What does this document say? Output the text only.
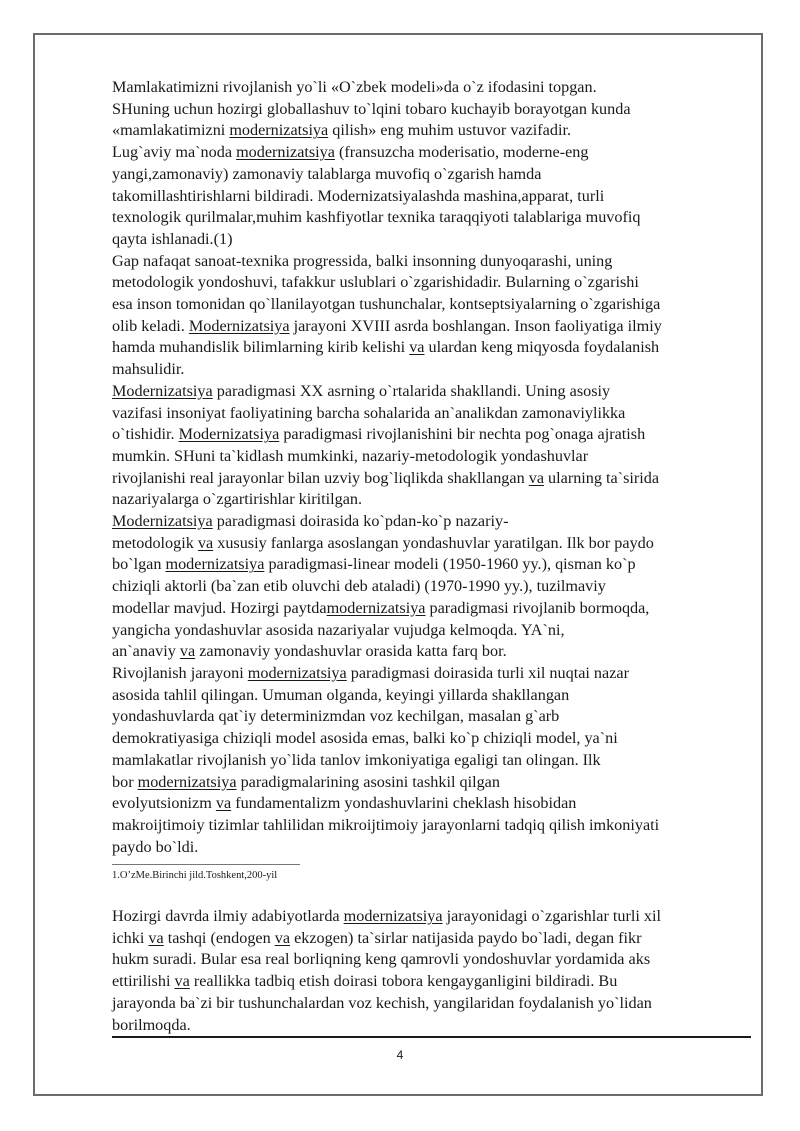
Mamlakatimizni rivojlanish yo`li «O`zbek modeli»da o`z ifodasini topgan.

SHuning uchun hozirgi globallashuv to`lqini tobaro kuchayib borayotgan kunda

«mamlakatimizni modernizatsiya qilish» eng muhim ustuvor vazifadir.

Lug`aviy ma`noda modernizatsiya (fransuzcha moderisatio, moderne-eng

yangi,zamonaviy) zamonaviy talablarga muvofiq o`zgarish hamda

takomillashtirishlarni bildiradi. Modernizatsiyalashda mashina,apparat, turli

texnologik qurilmalar,muhim kashfiyotlar texnika taraqqiyoti talablariga muvofiq

qayta ishlanadi.(1)

Gap nafaqat sanoat-texnika progressida, balki insonning dunyoqarashi, uning

metodologik yondoshuvi, tafakkur uslublari o`zgarishidadir. Bularning o`zgarishi

esa inson tomonidan qo`llanilayotgan tushunchalar, kontseptsiyalarning o`zgarishiga

olib keladi. Modernizatsiya jarayoni XVIII asrda boshlangan. Inson faoliyatiga ilmiy

hamda muhandislik bilimlarning kirib kelishi va ulardan keng miqyosda foydalanish

mahsulidir.

Modernizatsiya paradigmasi XX asrning o`rtalarida shakllandi. Uning asosiy

vazifasi insoniyat faoliyatining barcha sohalarida an`analikdan zamonaviylikka

o`tishidir. Modernizatsiya paradigmasi rivojlanishini bir nechta pog`onaga ajratish

mumkin. SHuni ta`kidlash mumkinki, nazariy-metodologik yondashuvlar

rivojlanishi real jarayonlar bilan uzviy bog`liqlikda shakllangan va ularning ta`sirida

nazariyalarga o`zgartirishlar kiritilgan.

Modernizatsiya paradigmasi doirasida ko`pdan-ko`p nazariy-

metodologik va xususiy fanlarga asoslangan yondashuvlar yaratilgan. Ilk bor paydo

bo`lgan modernizatsiya paradigmasi-linear modeli (1950-1960 yy.), qisman ko`p

chiziqli aktorli (ba`zan etib oluvchi deb ataladi) (1970-1990 yy.), tuzilmaviy

modellar mavjud. Hozirgi paytdamodernizatsiya paradigmasi rivojlanib bormoqda,

yangicha yondashuvlar asosida nazariyalar vujudga kelmoqda. YA`ni,

an`anaviy va zamonaviy yondashuvlar orasida katta farq bor.

Rivojlanish jarayoni modernizatsiya paradigmasi doirasida turli xil nuqtai nazar

asosida tahlil qilingan. Umuman olganda, keyingi yillarda shakllangan

yondashuvlarda qat`iy determinizmdan voz kechilgan, masalan g`arb

demokratiyasiga chiziqli model asosida emas, balki ko`p chiziqli model, ya`ni

mamlakatlar rivojlanish yo`lida tanlov imkoniyatiga egaligi tan olingan. Ilk

bor modernizatsiya paradigmalarining asosini tashkil qilgan

evolyutsionizm va fundamentalizm yondashuvlarini cheklash hisobidan

makroijtimoiy tizimlar tahlilidan mikroijtimoiy jarayonlarni tadqiq qilish imkoniyati

paydo bo`ldi.

1.O’zMe.Birinchi jild.Toshkent,200-yil

Hozirgi davrda ilmiy adabiyotlarda modernizatsiya jarayonidagi o`zgarishlar turli xil

ichki va tashqi (endogen va ekzogen) ta`sirlar natijasida paydo bo`ladi, degan fikr

hukm suradi. Bular esa real borliqning keng qamrovli yondoshuvlar yordamida aks

ettirilishi va reallikka tadbiq etish doirasi tobora kengayganligini bildiradi. Bu

jarayonda ba`zi bir tushunchalardan voz kechish, yangilaridan foydalanish yo`lidan

borilmoqda.

4
